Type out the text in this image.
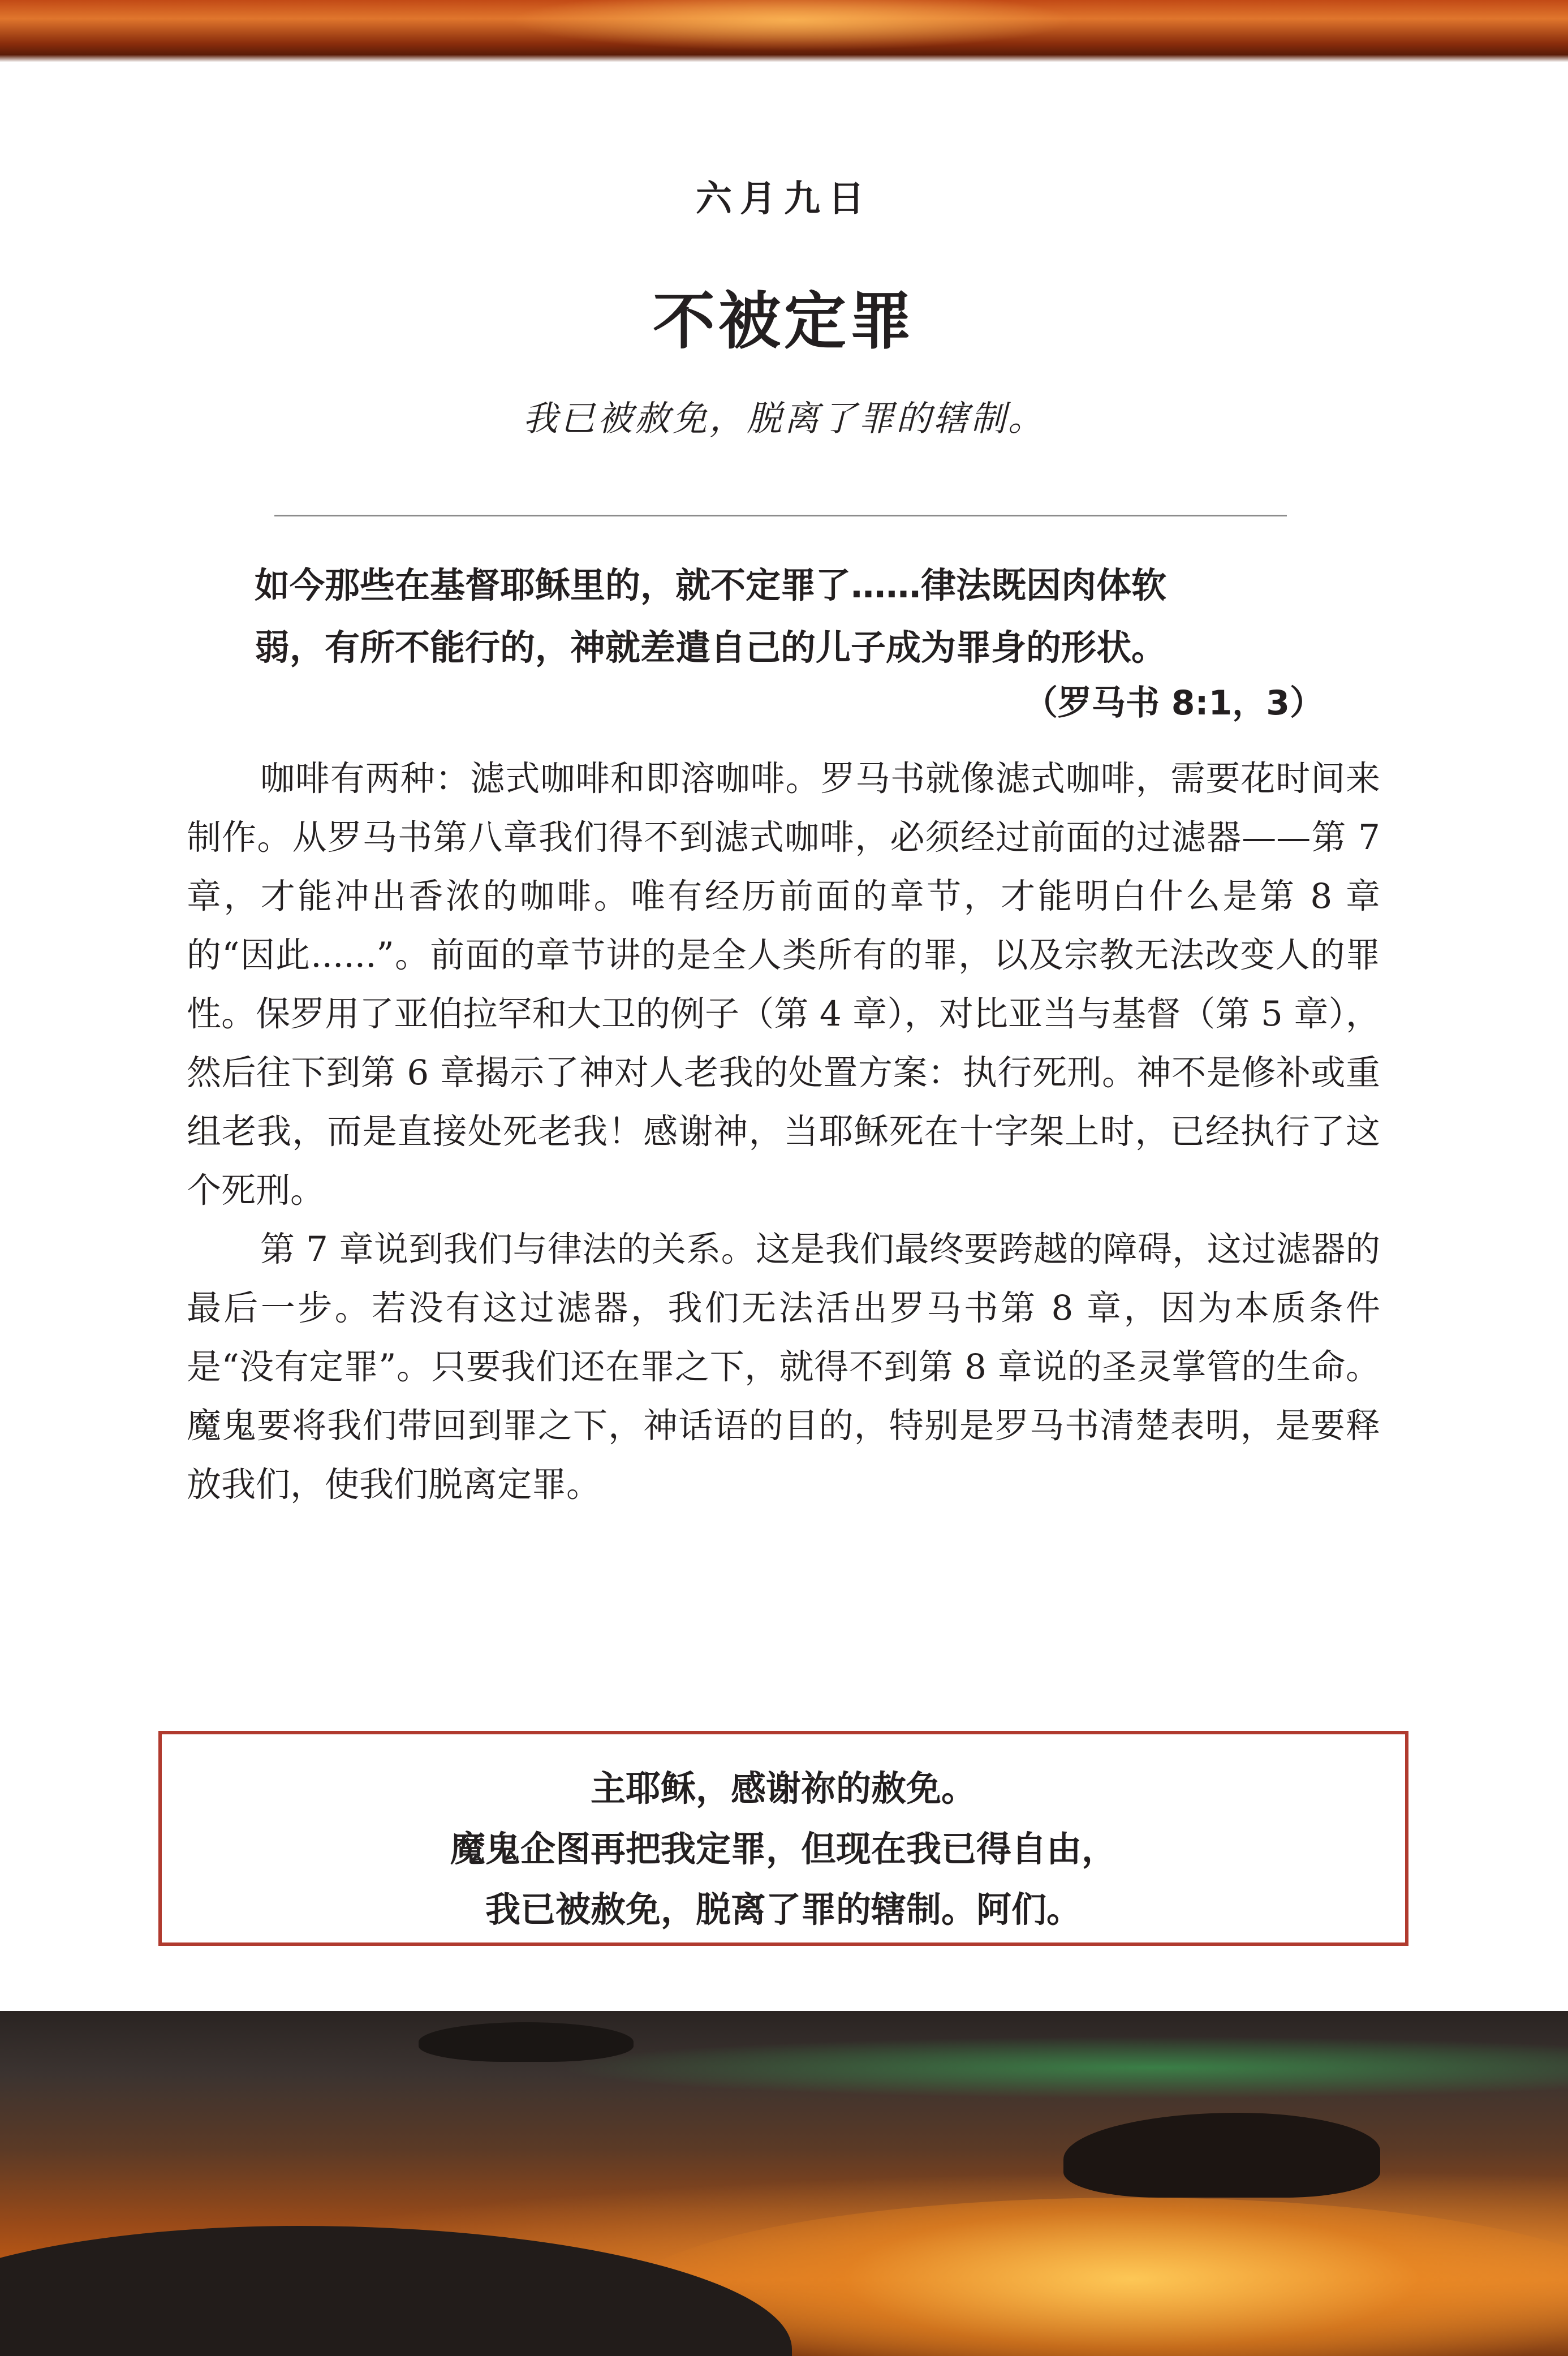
六月九日
不被定罪
我已被赦免，脱离了罪的辖制。
如今那些在基督耶稣里的，就不定罪了……律法既因肉体软
弱，有所不能行的，神就差遣自己的儿子成为罪身的形状。
（罗马书 8:1，3）

咖啡有两种：滤式咖啡和即溶咖啡。罗马书就像滤式咖啡，需要花时间来制作。从罗马书第八章我们得不到滤式咖啡，必须经过前面的过滤器——第 7 章，才能冲出香浓的咖啡。唯有经历前面的章节，才能明白什么是第 8 章的“因此......”。前面的章节讲的是全人类所有的罪，以及宗教无法改变人的罪性。保罗用了亚伯拉罕和大卫的例子（第 4 章），对比亚当与基督（第 5 章），然后往下到第 6 章揭示了神对人老我的处置方案：执行死刑。神不是修补或重组老我，而是直接处死老我！感谢神，当耶稣死在十字架上时，已经执行了这个死刑。

第 7 章说到我们与律法的关系。这是我们最终要跨越的障碍，这过滤器的最后一步。若没有这过滤器，我们无法活出罗马书第 8 章，因为本质条件是“没有定罪”。只要我们还在罪之下，就得不到第 8 章说的圣灵掌管的生命。魔鬼要将我们带回到罪之下，神话语的目的，特别是罗马书清楚表明，是要释放我们，使我们脱离定罪。

主耶稣，感谢祢的赦免。
魔鬼企图再把我定罪，但现在我已得自由，
我已被赦免，脱离了罪的辖制。阿们。
